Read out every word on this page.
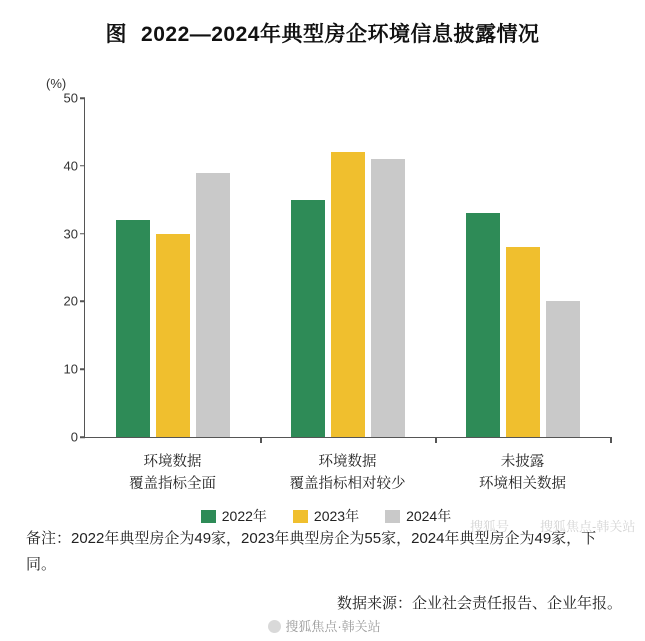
图 2022—2024年典型房企环境信息披露情况
(%)
0
10
20
30
40
50
环境数据
覆盖指标全面
环境数据
覆盖指标相对较少
未披露
环境相关数据
2022年	2023年	2024年
备注：2022年典型房企为49家，2023年典型房企为55家，2024年典型房企为49家，下同。
数据来源：企业社会责任报告、企业年报。
搜狐号 搜狐焦点-韩关站
搜狐焦点·韩关站
